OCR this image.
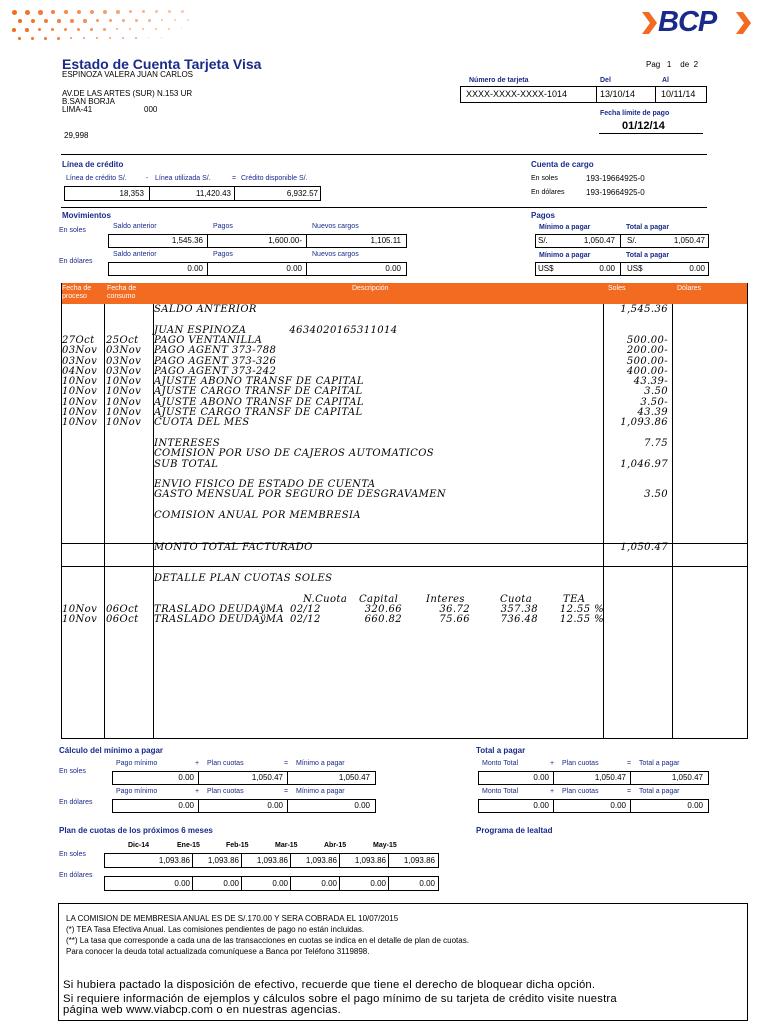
BCP
Estado de Cuenta Tarjeta Visa	Pag 1 de 2
ESPINOZA VALERA JUAN CARLOS
AV.DE LAS ARTES (SUR) N.153 UR
B.SAN BORJA
LIMA-41	000
29,998
Número de tarjeta	Del	Al
XXXX-XXXX-XXXX-1014	13/10/14	10/11/14
Fecha límite de pago
01/12/14
Línea de crédito
Línea de crédito S/.	- Línea utilizada S/.	= Crédito disponible S/.
18,353	11,420.43	6,932.57
Cuenta de cargo
En soles	193-19664925-0
En dólares	193-19664925-0
Movimientos
En soles
Saldo anterior	Pagos	Nuevos cargos
1,545.36	1,600.00-	1,105.11
En dólares
Saldo anterior	Pagos	Nuevos cargos
0.00	0.00	0.00
Pagos
Mínimo a pagar	Total a pagar
S/.	1,050.47 S/.	1,050.47
Mínimo a pagar	Total a pagar
US$	0.00 US$	0.00
Fecha de proceso
Fecha de consumo
Descripción	Soles	Dólares
SALDO ANTERIOR	1,545.36
JUAN ESPINOZA            4634020165311014
27Oct	25Oct	PAGO VENTANILLA	500.00-
03Nov 03Nov	PAGO AGENT 373-788	200.00-
03Nov 03Nov	PAGO AGENT 373-326	500.00-
04Nov 03Nov	PAGO AGENT 373-242	400.00-
10Nov 10Nov	AJUSTE ABONO TRANSF DE CAPITAL	43.39-
10Nov 10Nov	AJUSTE CARGO TRANSF DE CAPITAL	3.50
10Nov 10Nov	AJUSTE ABONO TRANSF DE CAPITAL	3.50-
10Nov 10Nov	AJUSTE CARGO TRANSF DE CAPITAL	43.39
10Nov 10Nov	CUOTA DEL MES	1,093.86
INTERESES	7.75
COMISION POR USO DE CAJEROS AUTOMATICOS
SUB TOTAL	1,046.97
ENVIO FISICO DE ESTADO DE CUENTA
GASTO MENSUAL POR SEGURO DE DESGRAVAMEN	3.50
COMISION ANUAL POR MEMBRESIA
MONTO TOTAL FACTURADO	1,050.47
DETALLE PLAN CUOTAS SOLES
N.Cuota Capital	Interes	Cuota	TEA
10Nov 06Oct	TRASLADO DEUDAÿMA 02/12	320.66	36.72	357.38	12.55 %
10Nov 06Oct	TRASLADO DEUDAÿMA 02/12	660.82	75.66	736.48	12.55 %
Cálculo del mínimo a pagar
En soles
En dólares
Pago mínimo	+ Plan cuotas	= Mínimo a pagar
0.00	1,050.47	1,050.47
Pago mínimo	+ Plan cuotas	= Mínimo a pagar
0.00	0.00	0.00
Total a pagar
Monto Total	+ Plan cuotas	= Total a pagar
0.00	1,050.47	1,050.47
Monto Total	+ Plan cuotas	= Total a pagar
0.00	0.00	0.00
Plan de cuotas de los próximos 6 meses
En soles
En dólares
Dic-14	Ene-15	Feb-15	Mar-15	Abr-15	May-15
1,093.86	1,093.86	1,093.86	1,093.86	1,093.86	1,093.86
0.00	0.00	0.00	0.00	0.00	0.00
Programa de lealtad
LA COMISION DE MEMBRESIA ANUAL ES DE S/.170.00 Y SERA COBRADA EL 10/07/2015
(*) TEA Tasa Efectiva Anual. Las comisiones pendientes de pago no están incluidas.
(**) La tasa que corresponde a cada una de las transacciones en cuotas se indica en el detalle de plan de cuotas.
Para conocer la deuda total actualizada comuníquese a Banca por Teléfono 3119898.
Si hubiera pactado la disposición de efectivo, recuerde que tiene el derecho de bloquear dicha opción.
Si requiere información de ejemplos y cálculos sobre el pago mínimo de su tarjeta de crédito visite nuestra
página web www.viabcp.com o en nuestras agencias.
